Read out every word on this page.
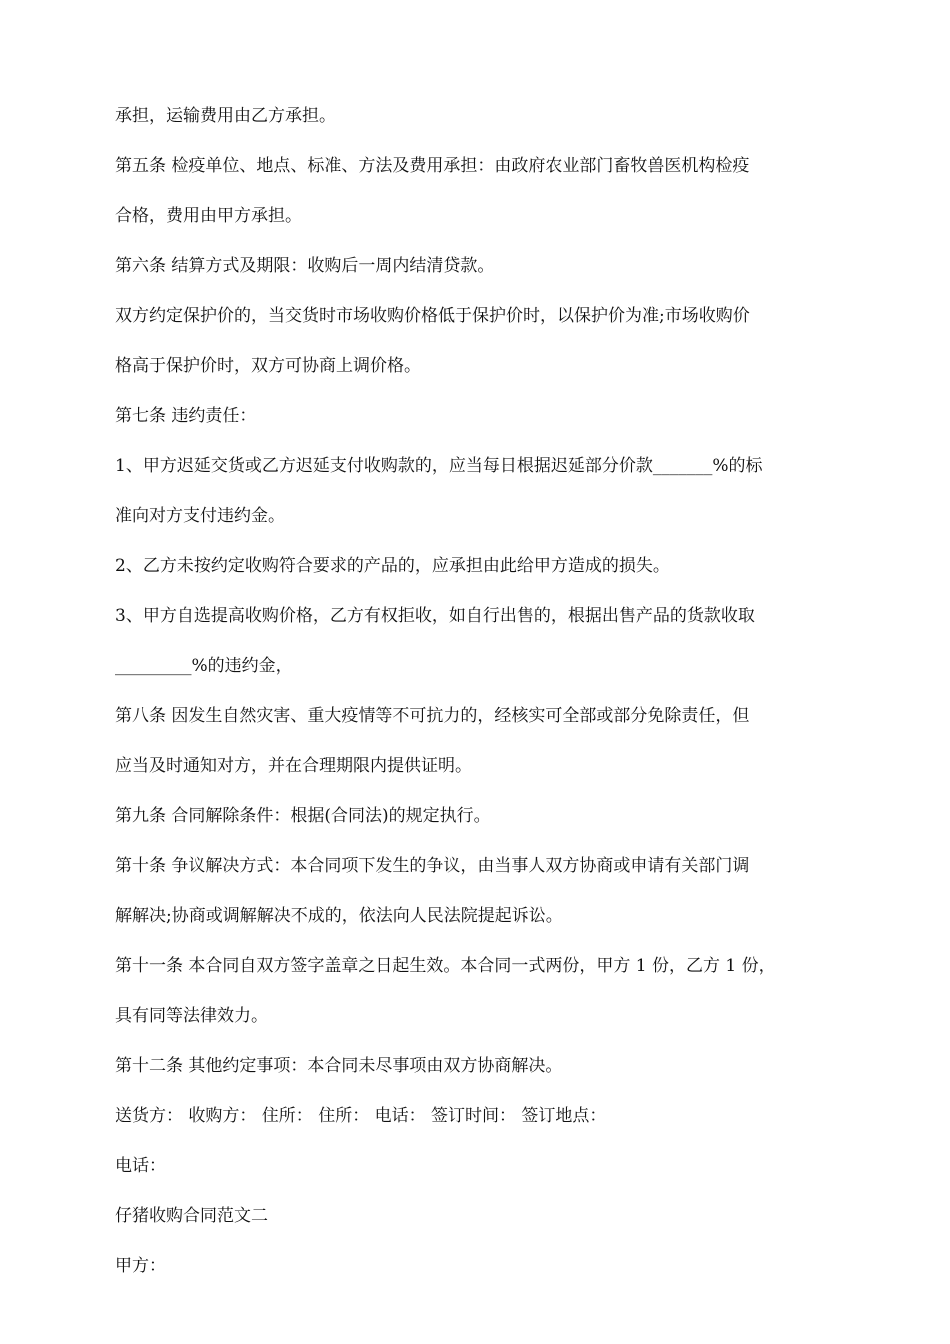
承担，运输费用由乙方承担。
第五条 检疫单位、地点、标准、方法及费用承担：由政府农业部门畜牧兽医机构检疫
合格，费用由甲方承担。
第六条 结算方式及期限：收购后一周内结清贷款。
双方约定保护价的，当交货时市场收购价格低于保护价时，以保护价为准;市场收购价
格高于保护价时，双方可协商上调价格。
第七条 违约责任：
1、甲方迟延交货或乙方迟延支付收购款的，应当每日根据迟延部分价款_______%的标
准向对方支付违约金。
2、乙方未按约定收购符合要求的产品的，应承担由此给甲方造成的损失。
3、甲方自选提高收购价格，乙方有权拒收，如自行出售的，根据出售产品的货款收取
_________%的违约金，
第八条 因发生自然灾害、重大疫情等不可抗力的，经核实可全部或部分免除责任，但
应当及时通知对方，并在合理期限内提供证明。
第九条 合同解除条件：根据(合同法)的规定执行。
第十条 争议解决方式：本合同项下发生的争议，由当事人双方协商或申请有关部门调
解解决;协商或调解解决不成的，依法向人民法院提起诉讼。
第十一条 本合同自双方签字盖章之日起生效。本合同一式两份，甲方 1 份，乙方 1 份，
具有同等法律效力。
第十二条 其他约定事项：本合同未尽事项由双方协商解决。
送货方： 收购方： 住所： 住所： 电话： 签订时间： 签订地点：
电话：
仔猪收购合同范文二
甲方：
